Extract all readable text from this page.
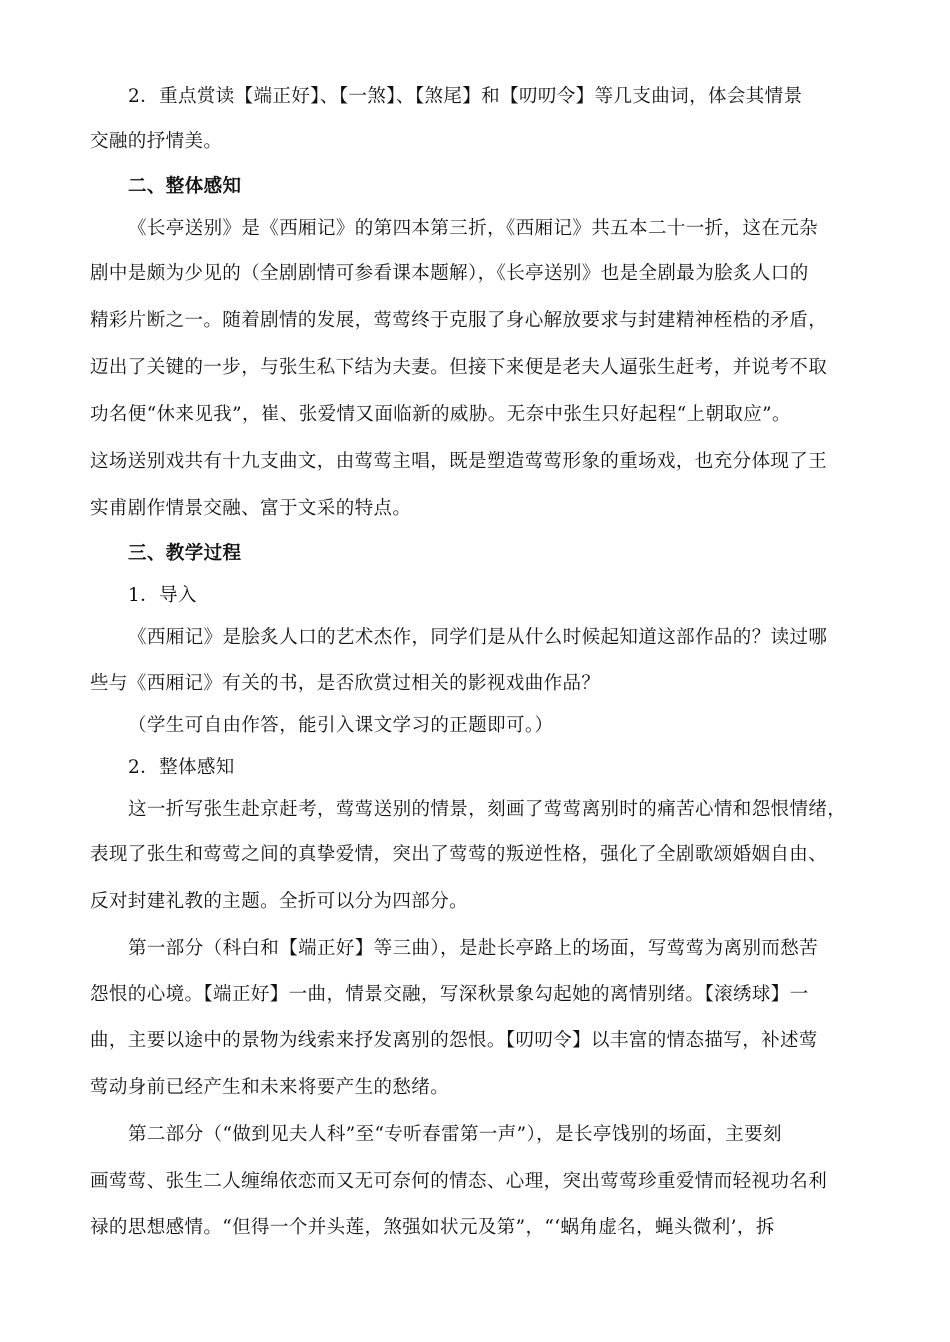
2．重点赏读【端正好】、【一煞】、【煞尾】和【叨叨令】等几支曲词，体会其情景
交融的抒情美。
二、整体感知
《长亭送别》是《西厢记》的第四本第三折，《西厢记》共五本二十一折，这在元杂
剧中是颇为少见的（全剧剧情可参看课本题解），《长亭送别》也是全剧最为脍炙人口的
精彩片断之一。随着剧情的发展，莺莺终于克服了身心解放要求与封建精神桎梏的矛盾，
迈出了关键的一步，与张生私下结为夫妻。但接下来便是老夫人逼张生赶考，并说考不取
功名便“休来见我”，崔、张爱情又面临新的威胁。无奈中张生只好起程“上朝取应”。
这场送别戏共有十九支曲文，由莺莺主唱，既是塑造莺莺形象的重场戏，也充分体现了王
实甫剧作情景交融、富于文采的特点。
三、教学过程
1．导入
《西厢记》是脍炙人口的艺术杰作，同学们是从什么时候起知道这部作品的？读过哪
些与《西厢记》有关的书，是否欣赏过相关的影视戏曲作品？
（学生可自由作答，能引入课文学习的正题即可。）
2．整体感知
这一折写张生赴京赶考，莺莺送别的情景，刻画了莺莺离别时的痛苦心情和怨恨情绪，
表现了张生和莺莺之间的真挚爱情，突出了莺莺的叛逆性格，强化了全剧歌颂婚姻自由、
反对封建礼教的主题。全折可以分为四部分。
第一部分（科白和【端正好】等三曲），是赴长亭路上的场面，写莺莺为离别而愁苦
怨恨的心境。【端正好】一曲，情景交融，写深秋景象勾起她的离情别绪。【滚绣球】一
曲，主要以途中的景物为线索来抒发离别的怨恨。【叨叨令】以丰富的情态描写，补述莺
莺动身前已经产生和未来将要产生的愁绪。
第二部分（“做到见夫人科”至“专听春雷第一声”），是长亭饯别的场面，主要刻
画莺莺、张生二人缠绵依恋而又无可奈何的情态、心理，突出莺莺珍重爱情而轻视功名利
禄的思想感情。“但得一个并头莲，煞强如状元及第”，“‘蜗角虚名，蝇头微利’，拆
